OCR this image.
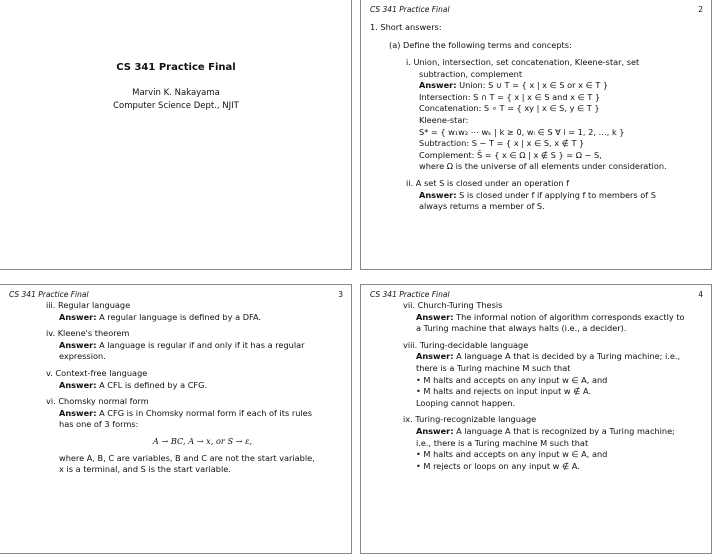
CS 341 Practice Final
Marvin K. Nakayama
Computer Science Dept., NJIT
CS 341 Practice Final	2
1. Short answers:
(a) Define the following terms and concepts:
i. Union, intersection, set concatenation, Kleene-star, set
subtraction, complement
Answer: Union: S ∪ T = { x | x ∈ S or x ∈ T }
Intersection: S ∩ T = { x | x ∈ S and x ∈ T }
Concatenation: S ∘ T = { xy | x ∈ S, y ∈ T }
Kleene-star:
S* = { w₁w₂ ⋯ wₖ | k ≥ 0, wᵢ ∈ S ∀ i = 1, 2, …, k }
Subtraction: S − T = { x | x ∈ S, x ∉ T }
Complement: S̄ = { x ∈ Ω | x ∉ S } = Ω − S,
where Ω is the universe of all elements under consideration.
ii. A set S is closed under an operation f
Answer: S is closed under f if applying f to members of S
always returns a member of S.
CS 341 Practice Final	3
iii. Regular language
Answer: A regular language is defined by a DFA.
iv. Kleene's theorem
Answer: A language is regular if and only if it has a regular
expression.
v. Context-free language
Answer: A CFL is defined by a CFG.
vi. Chomsky normal form
Answer: A CFG is in Chomsky normal form if each of its rules
has one of 3 forms:
A → BC, A → x, or S → ε,
where A, B, C are variables, B and C are not the start variable,
x is a terminal, and S is the start variable.
CS 341 Practice Final	4
vii. Church-Turing Thesis
Answer: The informal notion of algorithm corresponds exactly to
a Turing machine that always halts (i.e., a decider).
viii. Turing-decidable language
Answer: A language A that is decided by a Turing machine; i.e.,
there is a Turing machine M such that
• M halts and accepts on any input w ∈ A, and
• M halts and rejects on input input w ∉ A.
Looping cannot happen.
ix. Turing-recognizable language
Answer: A language A that is recognized by a Turing machine;
i.e., there is a Turing machine M such that
• M halts and accepts on any input w ∈ A, and
• M rejects or loops on any input w ∉ A.
